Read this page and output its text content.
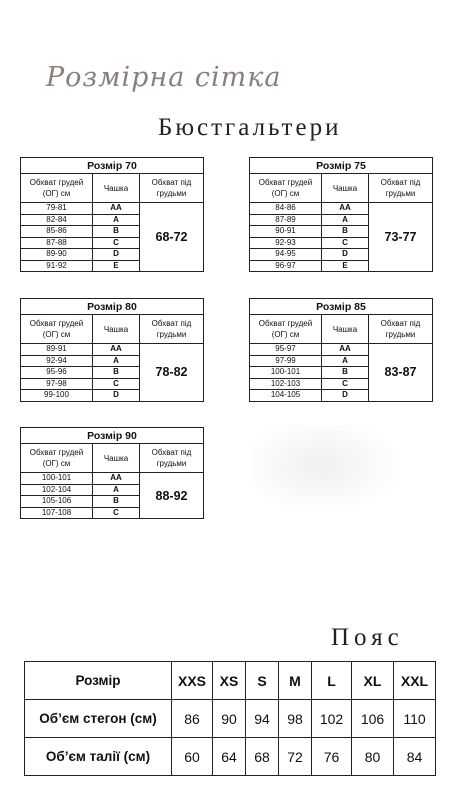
Розмірна сітка
Бюстгальтери
Розмір 70		
Обхват грудей (ОГ) см	Чашка	Обхват під грудьми
79-81	AA	68-72
82-84	A	
85-86	B	
87-88	C	
89-90	D	
91-92	E	
Розмір 75		
Обхват грудей (ОГ) см	Чашка	Обхват під грудьми
84-86	AA	73-77
87-89	A	
90-91	B	
92-93	C	
94-95	D	
96-97	E	
Розмір 80		
Обхват грудей (ОГ) см	Чашка	Обхват під грудьми
89-91	AA	78-82
92-94	A	
95-96	B	
97-98	C	
99-100	D	
Розмір 85		
Обхват грудей (ОГ) см	Чашка	Обхват під грудьми
95-97	AA	83-87
97-99	A	
100-101	B	
102-103	C	
104-105	D	
Розмір 90		
Обхват грудей (ОГ) см	Чашка	Обхват під грудьми
100-101	AA	88-92
102-104	A	
105-106	B	
107-108	C	
Пояс
Розмір	XXS	XS	S	M	L	XL	XXL
Об’єм стегон (см)	86	90	94	98	102	106	110
Об’єм талії (см)	60	64	68	72	76	80	84
